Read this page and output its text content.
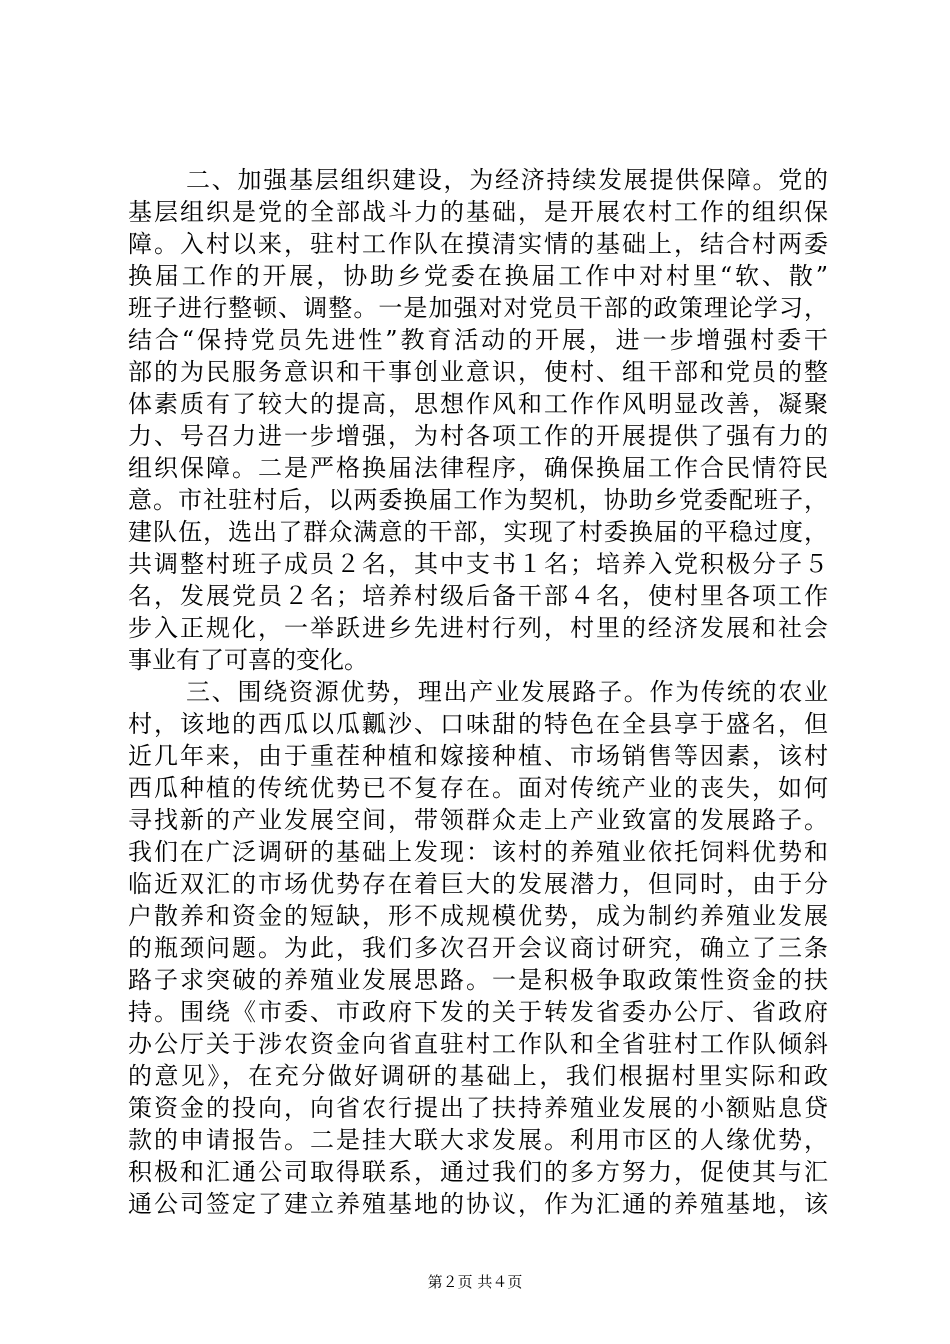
二、加强基层组织建设，为经济持续发展提供保障。党的
基层组织是党的全部战斗力的基础，是开展农村工作的组织保
障。入村以来，驻村工作队在摸清实情的基础上，结合村两委
换届工作的开展，协助乡党委在换届工作中对村里“软、散”
班子进行整顿、调整。一是加强对对党员干部的政策理论学习，
结合“保持党员先进性”教育活动的开展，进一步增强村委干
部的为民服务意识和干事创业意识，使村、组干部和党员的整
体素质有了较大的提高，思想作风和工作作风明显改善，凝聚
力、号召力进一步增强，为村各项工作的开展提供了强有力的
组织保障。二是严格换届法律程序，确保换届工作合民情符民
意。市社驻村后，以两委换届工作为契机，协助乡党委配班子，
建队伍，选出了群众满意的干部，实现了村委换届的平稳过度，
共调整村班子成员２名，其中支书１名；培养入党积极分子５
名，发展党员２名；培养村级后备干部４名，使村里各项工作
步入正规化，一举跃进乡先进村行列，村里的经济发展和社会
事业有了可喜的变化。
三、围绕资源优势，理出产业发展路子。作为传统的农业
村，该地的西瓜以瓜瓤沙、口味甜的特色在全县享于盛名，但
近几年来，由于重茬种植和嫁接种植、市场销售等因素，该村
西瓜种植的传统优势已不复存在。面对传统产业的丧失，如何
寻找新的产业发展空间，带领群众走上产业致富的发展路子。
我们在广泛调研的基础上发现：该村的养殖业依托饲料优势和
临近双汇的市场优势存在着巨大的发展潜力，但同时，由于分
户散养和资金的短缺，形不成规模优势，成为制约养殖业发展
的瓶颈问题。为此，我们多次召开会议商讨研究，确立了三条
路子求突破的养殖业发展思路。一是积极争取政策性资金的扶
持。围绕《市委、市政府下发的关于转发省委办公厅、省政府
办公厅关于涉农资金向省直驻村工作队和全省驻村工作队倾斜
的意见》，在充分做好调研的基础上，我们根据村里实际和政
策资金的投向，向省农行提出了扶持养殖业发展的小额贴息贷
款的申请报告。二是挂大联大求发展。利用市区的人缘优势，
积极和汇通公司取得联系，通过我们的多方努力，促使其与汇
通公司签定了建立养殖基地的协议，作为汇通的养殖基地，该
第２页 共４页
